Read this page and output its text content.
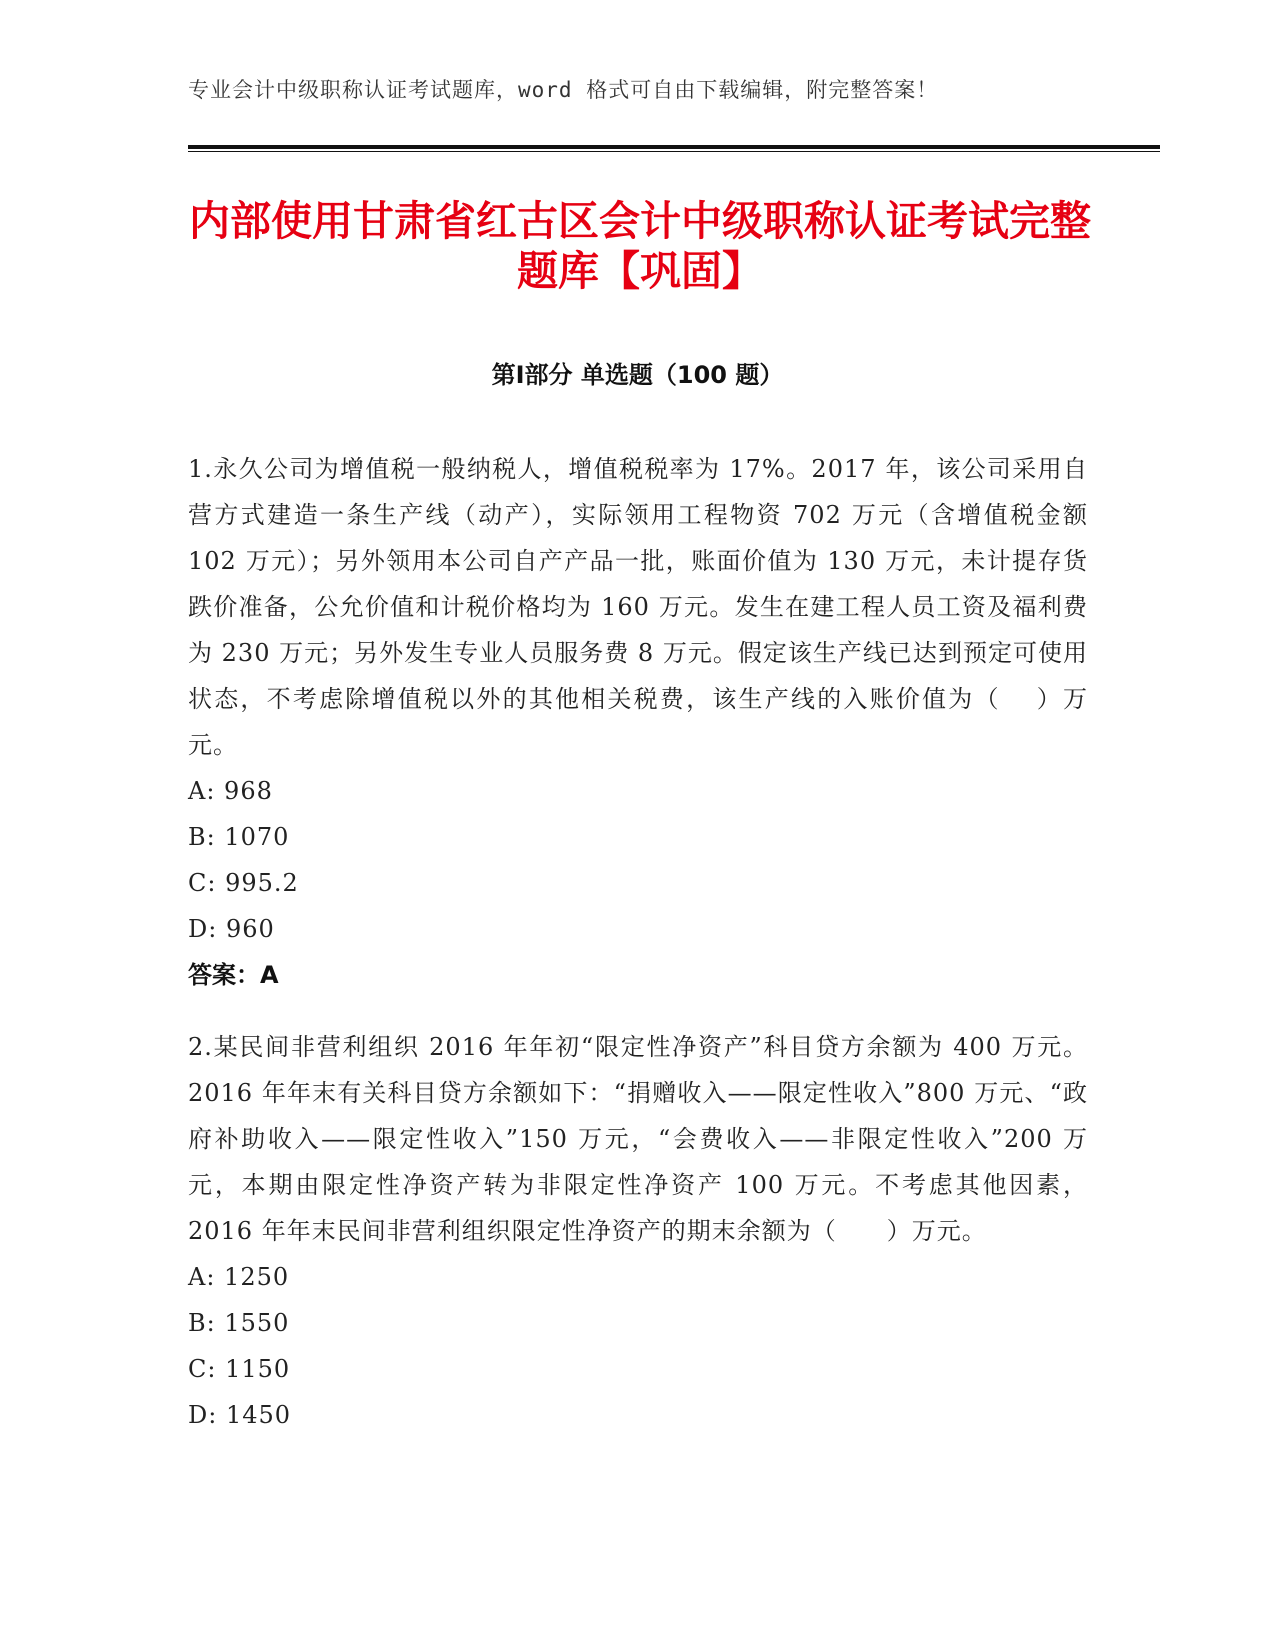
专业会计中级职称认证考试题库，word 格式可自由下载编辑，附完整答案！
内部使用甘肃省红古区会计中级职称认证考试完整题库【巩固】
第Ⅰ部分 单选题（100 题）

1.永久公司为增值税一般纳税人，增值税税率为 17%。2017 年，该公司采用自营方式建造一条生产线（动产），实际领用工程物资 702 万元（含增值税金额 102 万元）；另外领用本公司自产产品一批，账面价值为 130 万元，未计提存货跌价准备，公允价值和计税价格均为 160 万元。发生在建工程人员工资及福利费为 230 万元；另外发生专业人员服务费 8 万元。假定该生产线已达到预定可使用状态，不考虑除增值税以外的其他相关税费，该生产线的入账价值为（　 ）万元。

A: 968

B: 1070

C: 995.2

D: 960

答案：A

2.某民间非营利组织 2016 年年初“限定性净资产”科目贷方余额为 400 万元。2016 年年末有关科目贷方余额如下：“捐赠收入——限定性收入”800 万元、“政府补助收入——限定性收入”150 万元，“会费收入——非限定性收入”200 万元，本期由限定性净资产转为非限定性净资产 100 万元。不考虑其他因素，2016 年年末民间非营利组织限定性净资产的期末余额为（　　）万元。

A: 1250

B: 1550

C: 1150

D: 1450
